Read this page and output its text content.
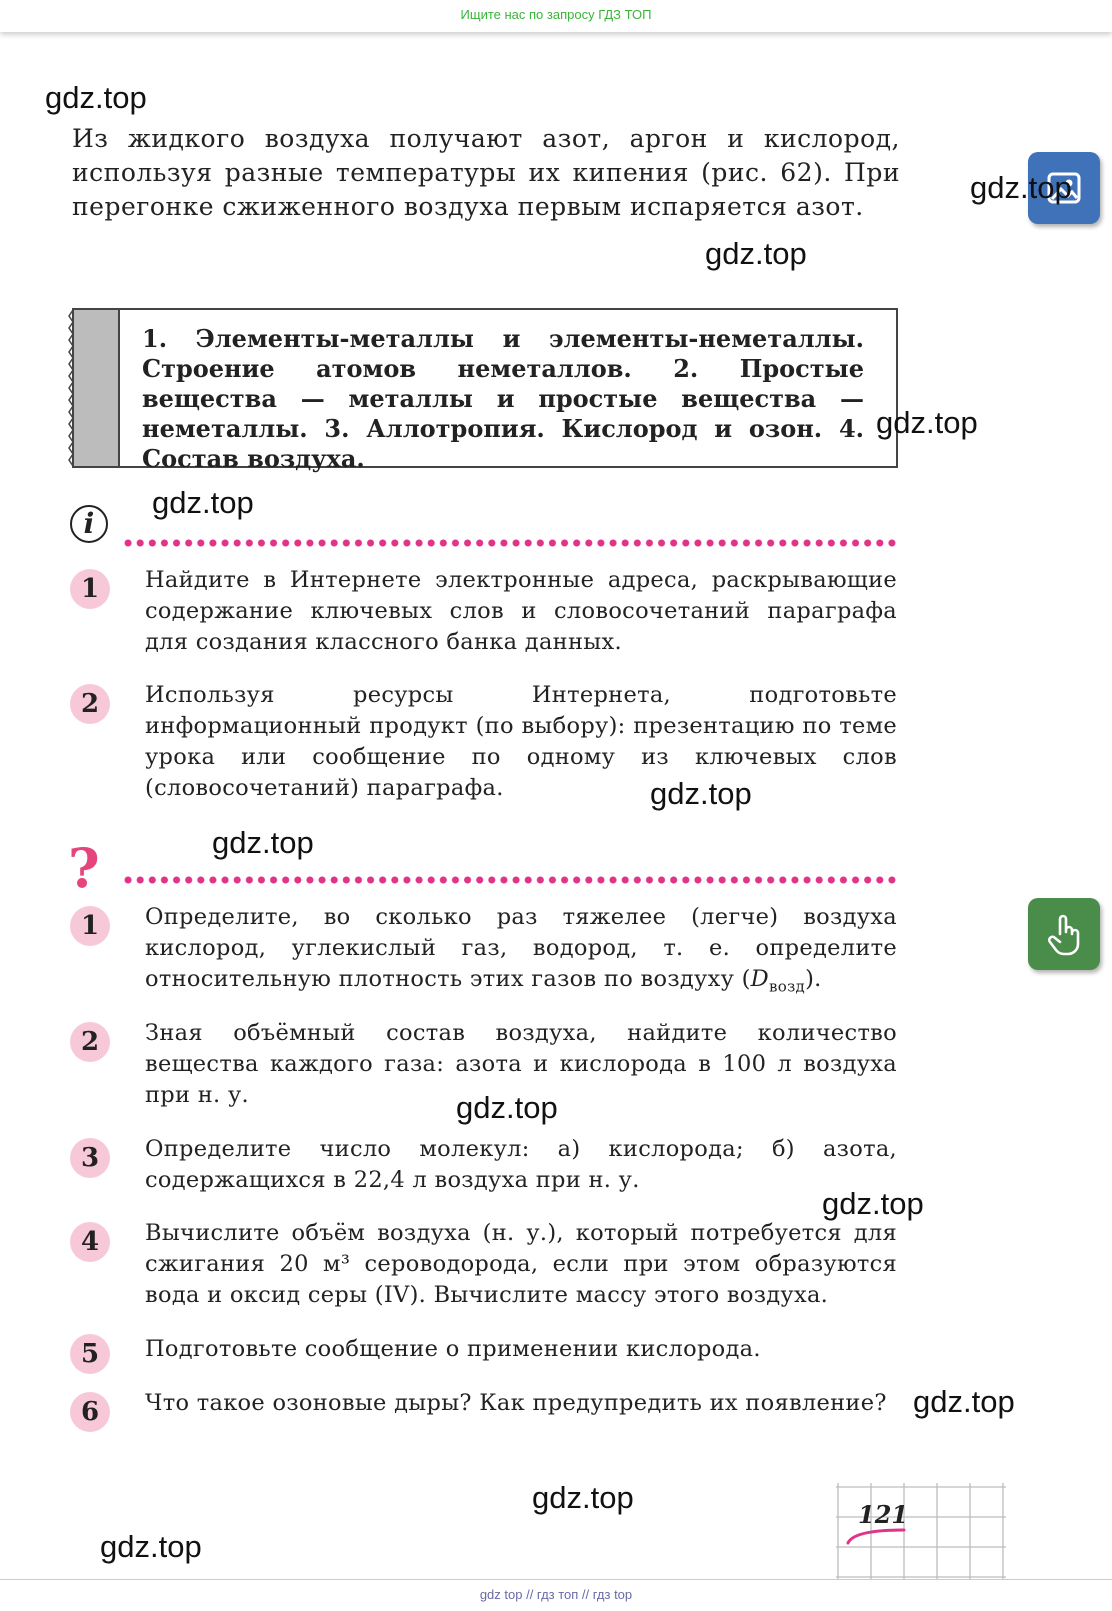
Ищите нас по запросу ГДЗ ТОП
Из жидкого воздуха получают азот, аргон и кислород, используя разные температуры их кипения (рис. 62). При перегонке сжиженного воздуха первым испаряется азот.
1. Элементы-металлы и элементы-неметаллы. Строение атомов неметаллов. 2. Простые вещества — металлы и простые вещества — неметаллы. 3. Аллотропия. Кислород и озон. 4. Состав воздуха.
i
1	Найдите в Интернете электронные адреса, раскрывающие содержание ключевых слов и словосочетаний параграфа для создания классного банка данных.
2	Используя ресурсы Интернета, подготовьте информационный продукт (по выбору): презентацию по теме урока или сообщение по одному из ключевых слов (словосочетаний) параграфа.
?
1	Определите, во сколько раз тяжелее (легче) воздуха кислород, углекислый газ, водород, т. е. определите относительную плотность этих газов по воздуху $(D_{возд})$.
2	Зная объёмный состав воздуха, найдите количество вещества каждого газа: азота и кислорода в 100 л воздуха при н. у.
3	Определите число молекул: а) кислорода; б) азота, содержащихся в 22,4 л воздуха при н. у.
4	Вычислите объём воздуха (н. у.), который потребуется для сжигания 20 м³ сероводорода, если при этом образуются вода и оксид серы (IV). Вычислите массу этого воздуха.
5	Подготовьте сообщение о применении кислорода.
6	Что такое озоновые дыры? Как предупредить их появление?
121
gdz.top
gdz.top
gdz.top
gdz.top
gdz.top
gdz.top
gdz.top
gdz.top
gdz.top
gdz.top
gdz.top
gdz.top
gdz top // гдз топ // гдз top
